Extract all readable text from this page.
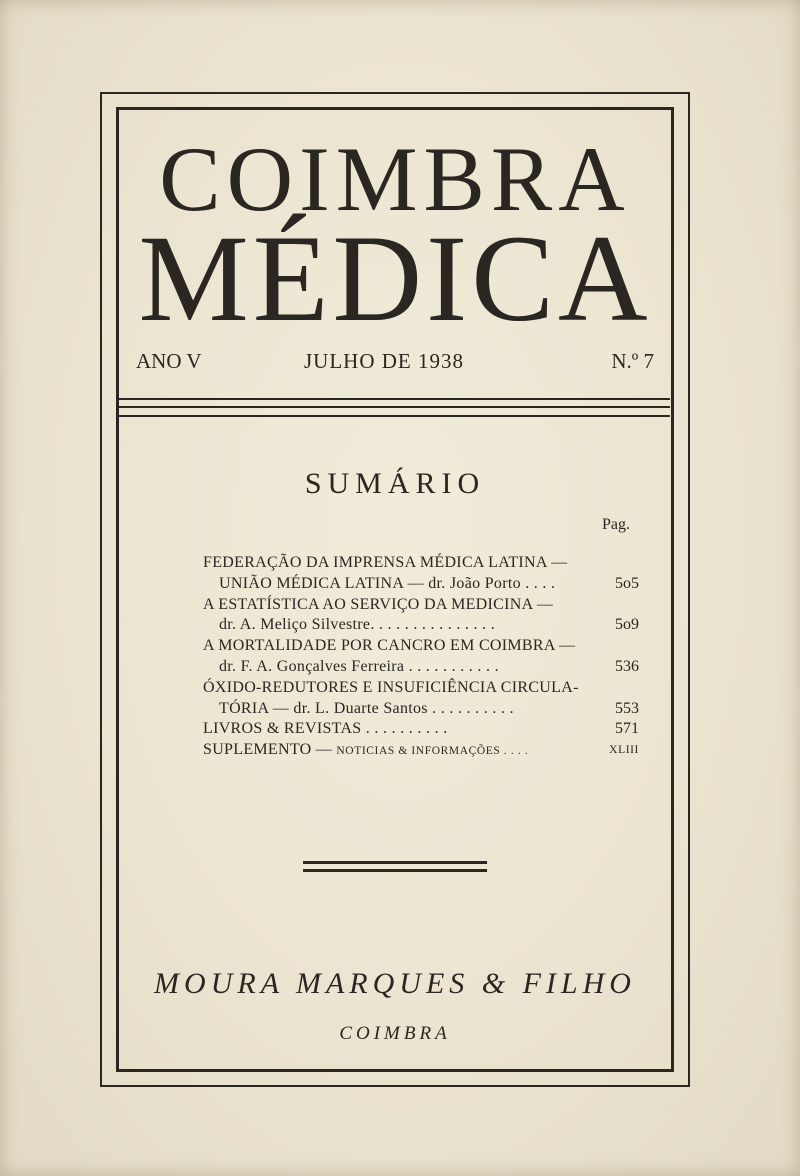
COIMBRA
MÉDICA
ANO V	JULHO DE 1938	N.º 7
SUMÁRIO
Pag.
FEDERAÇÃO DA IMPRENSA MÉDICA LATINA —
UNIÃO MÉDICA LATINA — dr. João Porto . . . .	5o5
A ESTATÍSTICA AO SERVIÇO DA MEDICINA —
dr. A. Meliço Silvestre. . . . . . . . . . . . . . .	5o9
A MORTALIDADE POR CANCRO EM COIMBRA —
dr. F. A. Gonçalves Ferreira . . . . . . . . . . .	536
ÓXIDO-REDUTORES E INSUFICIÊNCIA CIRCULA-
TÓRIA — dr. L. Duarte Santos . . . . . . . . . .	553
LIVROS & REVISTAS . . . . . . . . . .	571
SUPLEMENTO — NOTICIAS & INFORMAÇÕES . . . .	XLIII
MOURA MARQUES & FILHO
COIMBRA
